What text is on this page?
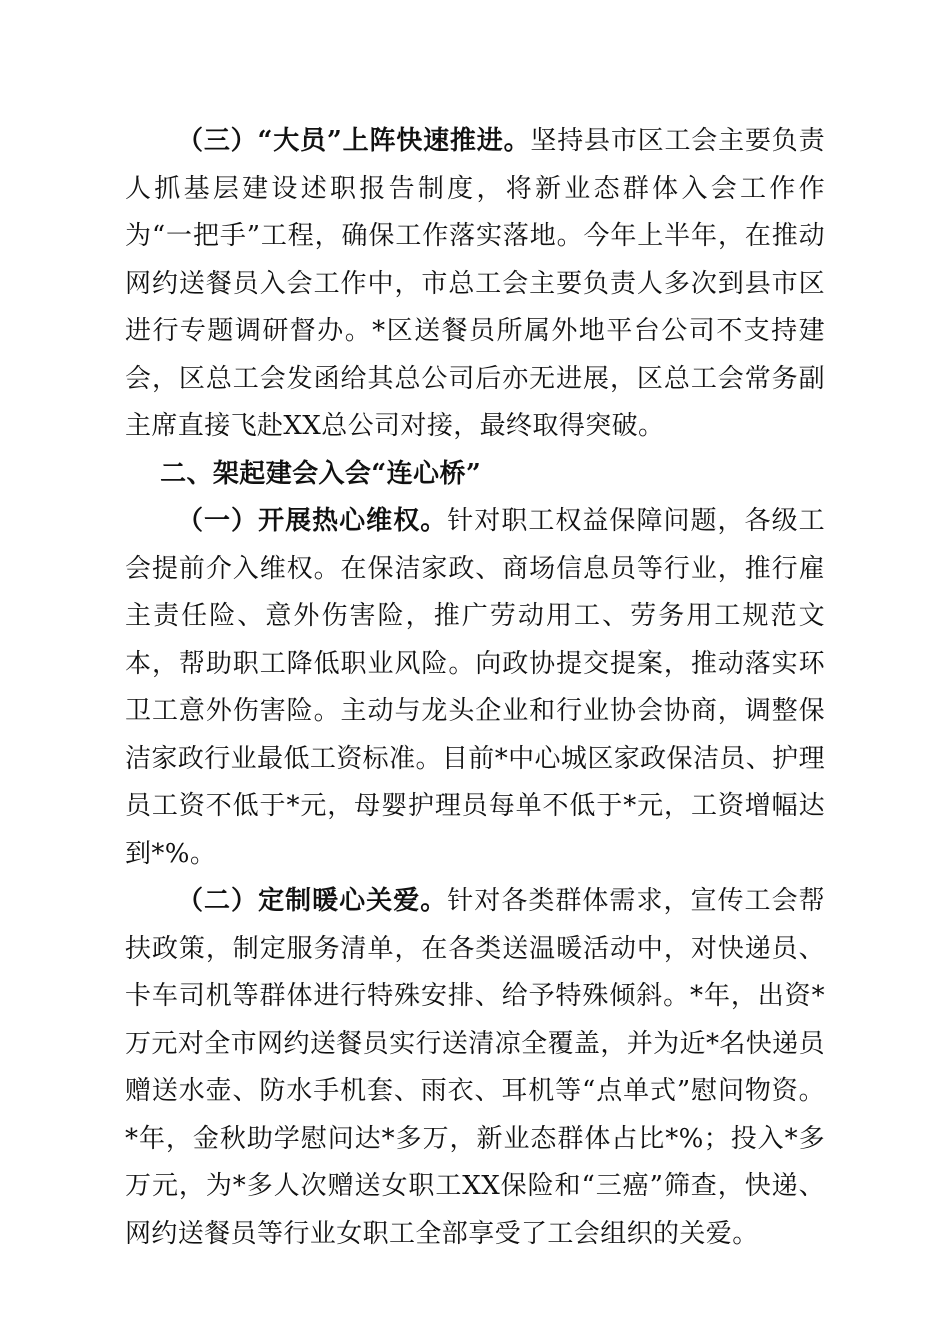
（三）“大员”上阵快速推进。坚持县市区工会主要负责人抓基层建设述职报告制度，将新业态群体入会工作作为“一把手”工程，确保工作落实落地。今年上半年，在推动网约送餐员入会工作中，市总工会主要负责人多次到县市区进行专题调研督办。*区送餐员所属外地平台公司不支持建会，区总工会发函给其总公司后亦无进展，区总工会常务副主席直接飞赴XX总公司对接，最终取得突破。

二、架起建会入会“连心桥”

（一）开展热心维权。针对职工权益保障问题，各级工会提前介入维权。在保洁家政、商场信息员等行业，推行雇主责任险、意外伤害险，推广劳动用工、劳务用工规范文本，帮助职工降低职业风险。向政协提交提案，推动落实环卫工意外伤害险。主动与龙头企业和行业协会协商，调整保洁家政行业最低工资标准。目前*中心城区家政保洁员、护理员工资不低于*元，母婴护理员每单不低于*元，工资增幅达到*%。

（二）定制暖心关爱。针对各类群体需求，宣传工会帮扶政策，制定服务清单，在各类送温暖活动中，对快递员、卡车司机等群体进行特殊安排、给予特殊倾斜。*年，出资*万元对全市网约送餐员实行送清凉全覆盖，并为近*名快递员赠送水壶、防水手机套、雨衣、耳机等“点单式”慰问物资。*年，金秋助学慰问达*多万，新业态群体占比*%；投入*多万元，为*多人次赠送女职工XX保险和“三癌”筛查，快递、网约送餐员等行业女职工全部享受了工会组织的关爱。
